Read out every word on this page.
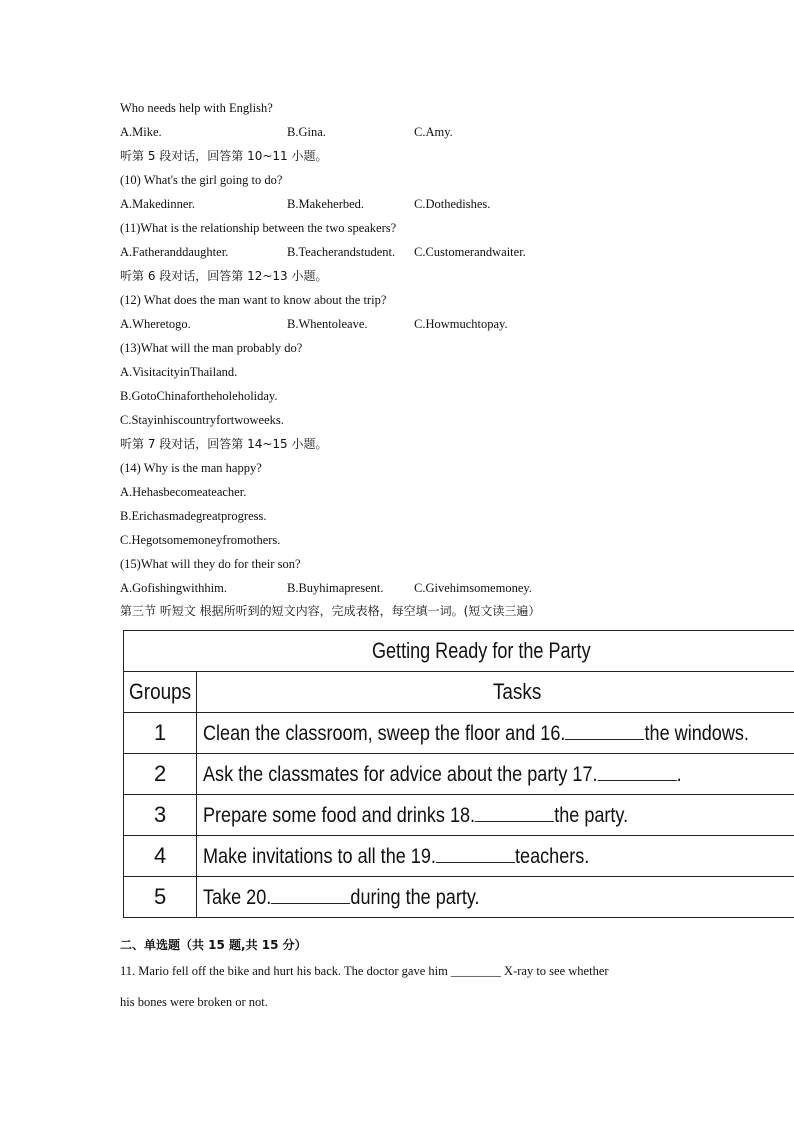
Who needs help with English?
A.Mike.	B.Gina.	C.Amy.
听第 5 段对话，回答第 10~11 小题。
(10) What's the girl going to do?
A.Makedinner.	B.Makeherbed.	C.Dothedishes.
(11)What is the relationship between the two speakers?
A.Fatheranddaughter.	B.Teacherandstudent. C.Customerandwaiter.
听第 6 段对话，回答第 12~13 小题。
(12) What does the man want to know about the trip?
A.Wheretogo.	B.Whentoleave.	C.Howmuchtopay.
(13)What will the man probably do?
A.VisitacityinThailand.
B.GotoChinafortheholeholiday.
C.Stayinhiscountryfortwoweeks.
听第 7 段对话，回答第 14~15 小题。
(14) Why is the man happy?
A.Hehasbecomeateacher.
B.Erichasmadegreatprogress.
C.Hegotsomemoneyfromothers.
(15)What will they do for their son?
A.Gofishingwithhim.	B.Buyhimapresent. C.Givehimsomemoney.
第三节 听短文 根据所听到的短文内容，完成表格，每空填一词。(短文读三遍）
Getting Ready for the Party	
Groups	Tasks
1	Clean the classroom, sweep the floor and 16. the windows.
2	Ask the classmates for advice about the party 17. .
3	Prepare some food and drinks 18. the party.
4	Make invitations to all the 19. teachers.
5	Take 20. during the party.
二、单选题（共 15 题,共 15 分）
11. Mario fell off the bike and hurt his back. The doctor gave him ________ X-ray to see whether
his bones were broken or not.
